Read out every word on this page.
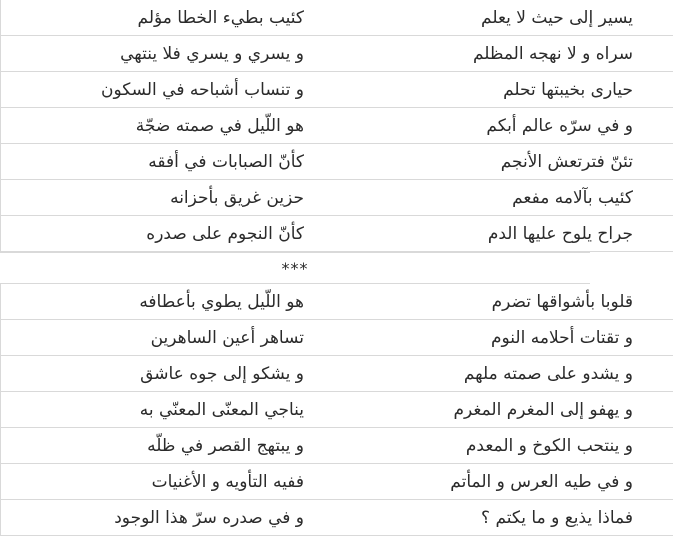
كئيب بطيء الخطا مؤلم	يسير إلى حيث لا يعلم
و يسري و يسري فلا ينتهي	سراه و لا نهجه المظلم
و تنساب أشباحه في السكون	حيارى بخيبتها تحلم
هو اللّيل في صمته ضجّة	و في سرّه عالم أبكم
كأنّ الصبابات في أفقه	تئنّ فترتعش الأنجم
حزين غريق بأحزانه	كئيب بآلامه مفعم
كأنّ النجوم على صدره	جراح يلوح عليها الدم
***
هو اللّيل يطوي بأعطافه	قلوبا بأشواقها تضرم
تساهر أعين الساهرين	و تقتات أحلامه النوم
و يشكو إلى جوه عاشق	و يشدو على صمته ملهم
يناجي المعنّى المعنّي به	و يهفو إلى المغرم المغرم
و يبتهج القصر في ظلّه	و ينتحب الكوخ و المعدم
ففيه التأويه و الأغنيات	و في طيه العرس و المأتم
و في صدره سرّ هذا الوجود	فماذا يذيع و ما يكتم ؟
